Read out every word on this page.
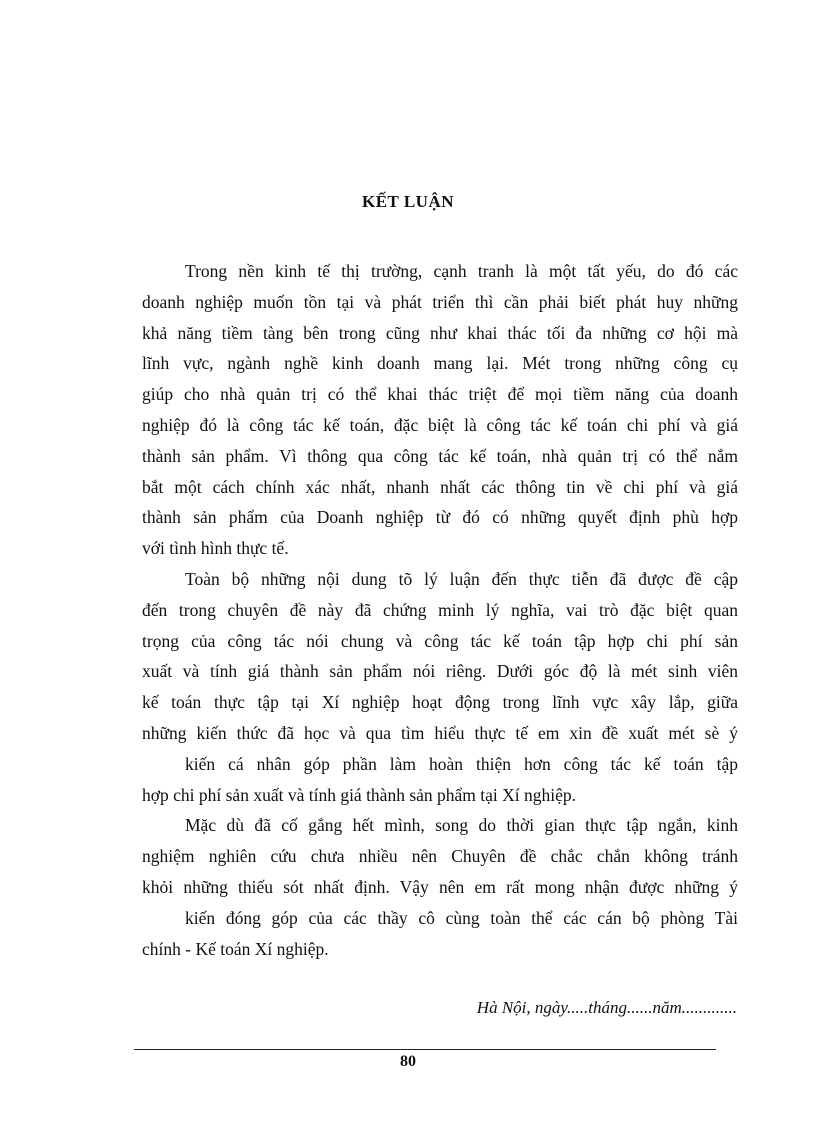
KẾT LUẬN
Trong nền kinh tế thị trường, cạnh tranh là một tất yếu, do đó các
doanh nghiệp muốn tồn tại và phát triển thì cần phải biết phát huy những
khả năng tiềm tàng bên trong cũng như khai thác tối đa những cơ hội mà
lĩnh vực, ngành nghề kinh doanh mang lại. Mét trong những công cụ
giúp cho nhà quản trị có thể khai thác triệt để mọi tiềm năng của doanh
nghiệp đó là công tác kế toán, đặc biệt là công tác kế toán chi phí và giá
thành sản phẩm. Vì thông qua công tác kế toán, nhà quản trị có thể nắm
bắt một cách chính xác nhất, nhanh nhất các thông tin về chi phí và giá
thành sản phẩm của Doanh nghiệp từ đó có những quyết định phù hợp
với tình hình thực tế.
Toàn bộ những nội dung tõ lý luận đến thực tiễn đã được đề cập
đến trong chuyên đề này đã chứng minh lý nghĩa, vai trò đặc biệt quan
trọng của công tác nói chung và công tác kế toán tập hợp chi phí sản
xuất và tính giá thành sản phẩm nói riêng. Dưới góc độ là mét sinh viên
kế toán thực tập tại Xí nghiệp hoạt động trong lĩnh vực xây lắp, giữa
những kiến thức đã học và qua tìm hiểu thực tế em xin đề xuất mét sè ý
kiến cá nhân góp phần làm hoàn thiện hơn công tác kế toán tập
hợp chi phí sản xuất và tính giá thành sản phẩm tại Xí nghiệp.
Mặc dù đã cố gắng hết mình, song do thời gian thực tập ngắn, kinh
nghiệm nghiên cứu chưa nhiều nên Chuyên đề chắc chắn không tránh
khỏi những thiếu sót nhất định. Vậy nên em rất mong nhận được những ý
kiến đóng góp của các thầy cô cùng toàn thể các cán bộ phòng Tài
chính - Kế toán Xí nghiệp.
Hà Nội, ngày.....tháng......năm.............
80
